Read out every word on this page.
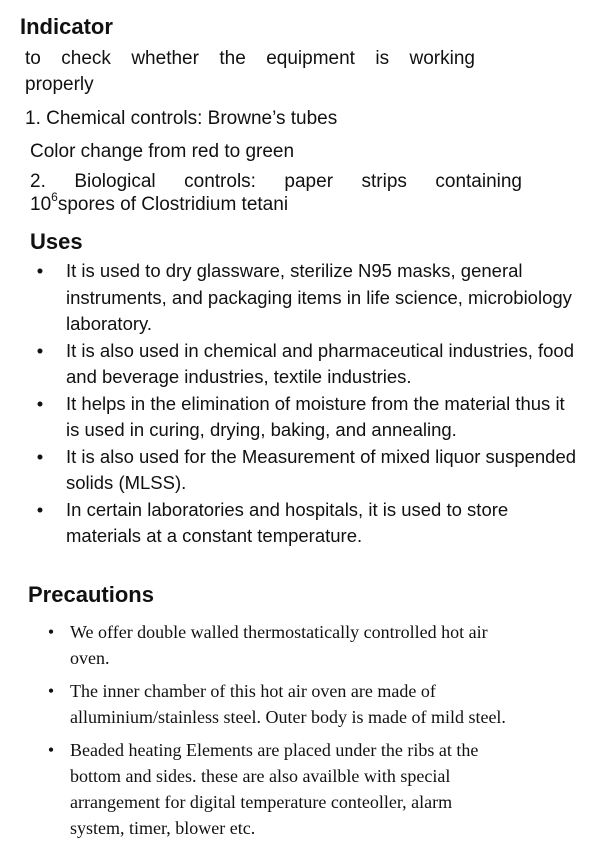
Indicator

to check whether the equipment is working

properly

1. Chemical controls: Browne’s tubes

Color change from red to green

2. Biological controls: paper strips containing

$10^6spores$ of Clostridium tetani

Uses
•	It is used to dry glassware, sterilize N95 masks, general instruments, and packaging items in life science, microbiology laboratory.
•	It is also used in chemical and pharmaceutical industries, food and beverage industries, textile industries.
•	It helps in the elimination of moisture from the material thus it is used in curing, drying, baking, and annealing.
•	It is also used for the Measurement of mixed liquor suspended solids (MLSS).
•	In certain laboratories and hospitals, it is used to store materials at a constant temperature.
Precautions
• We offer double walled thermostatically controlled hot air oven.
• The inner chamber of this hot air oven are made of alluminium/stainless steel. Outer body is made of mild steel.
• Beaded heating Elements are placed under the ribs at the bottom and sides. these are also availble with special arrangement for digital temperature conteoller, alarm system, timer, blower etc.
